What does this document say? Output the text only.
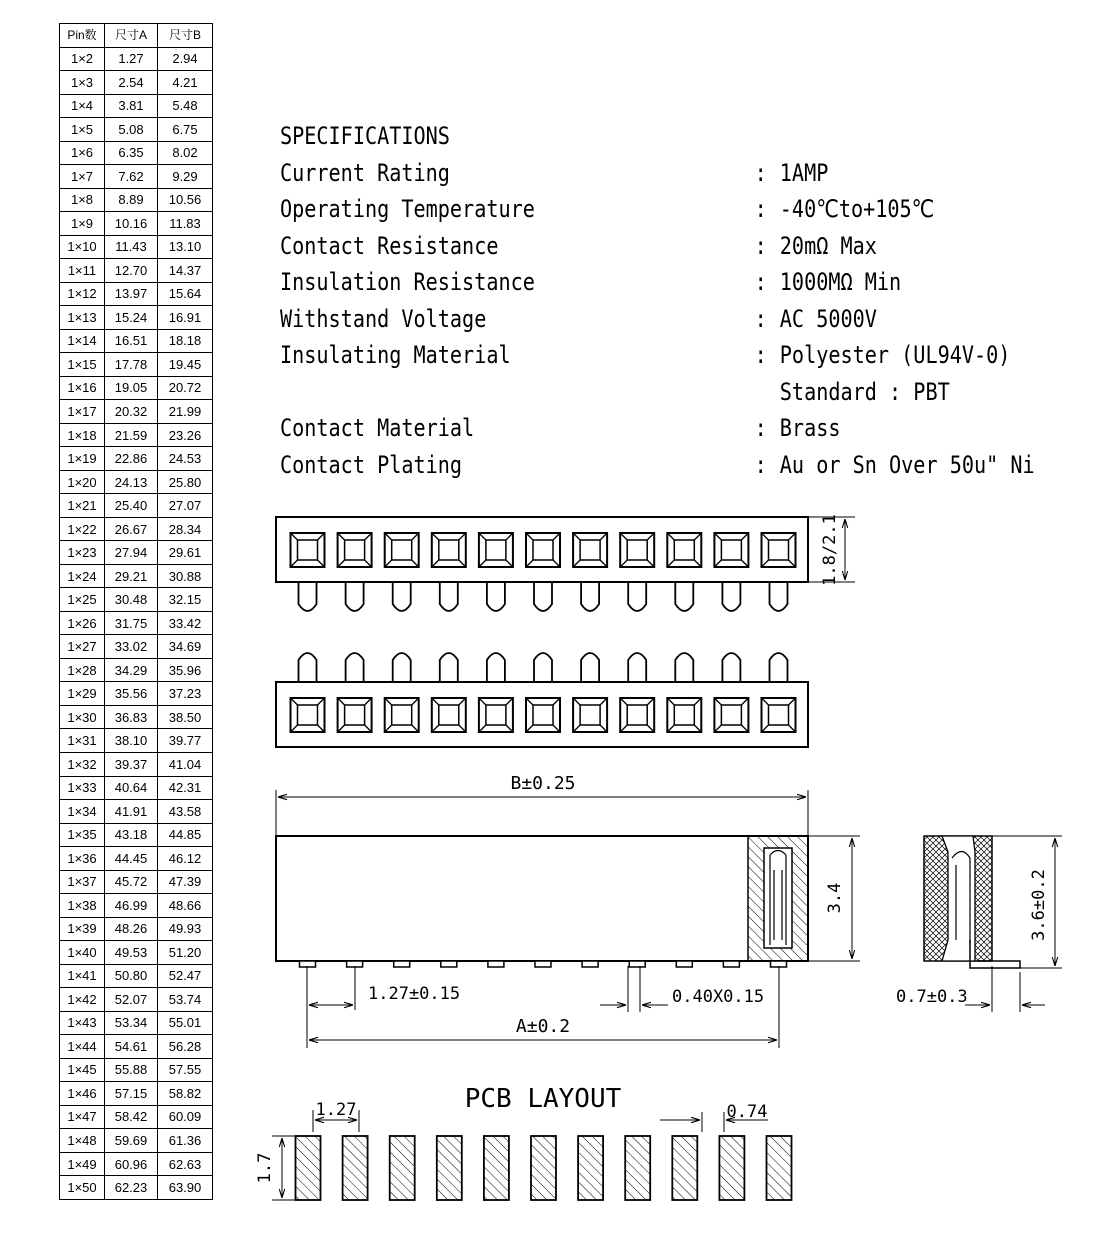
Pin数	尺寸A	尺寸B
1×2	1.27	2.94
1×3	2.54	4.21
1×4	3.81	5.48
1×5	5.08	6.75
1×6	6.35	8.02
1×7	7.62	9.29
1×8	8.89	10.56
1×9	10.16	11.83
1×10	11.43	13.10
1×11	12.70	14.37
1×12	13.97	15.64
1×13	15.24	16.91
1×14	16.51	18.18
1×15	17.78	19.45
1×16	19.05	20.72
1×17	20.32	21.99
1×18	21.59	23.26
1×19	22.86	24.53
1×20	24.13	25.80
1×21	25.40	27.07
1×22	26.67	28.34
1×23	27.94	29.61
1×24	29.21	30.88
1×25	30.48	32.15
1×26	31.75	33.42
1×27	33.02	34.69
1×28	34.29	35.96
1×29	35.56	37.23
1×30	36.83	38.50
1×31	38.10	39.77
1×32	39.37	41.04
1×33	40.64	42.31
1×34	41.91	43.58
1×35	43.18	44.85
1×36	44.45	46.12
1×37	45.72	47.39
1×38	46.99	48.66
1×39	48.26	49.93
1×40	49.53	51.20
1×41	50.80	52.47
1×42	52.07	53.74
1×43	53.34	55.01
1×44	54.61	56.28
1×45	55.88	57.55
1×46	57.15	58.82
1×47	58.42	60.09
1×48	59.69	61.36
1×49	60.96	62.63
1×50	62.23	63.90
SPECIFICATIONS
Current Rating	: 1AMP
Operating Temperature	: -40℃to+105℃
Contact Resistance	: 20mΩ Max
Insulation Resistance	: 1000MΩ Min
Withstand Voltage	: AC 5000V
Insulating Material	: Polyester (UL94V-0)
Standard : PBT
Contact Material	: Brass
Contact Plating	: Au or Sn Over 50u" Ni
1.8/2.1
B±0.25
3.4
1.27±0.15	0.40X0.15
A±0.2
3.6±0.2
0.7±0.3
PCB LAYOUT
1.27	0.74
1.7
